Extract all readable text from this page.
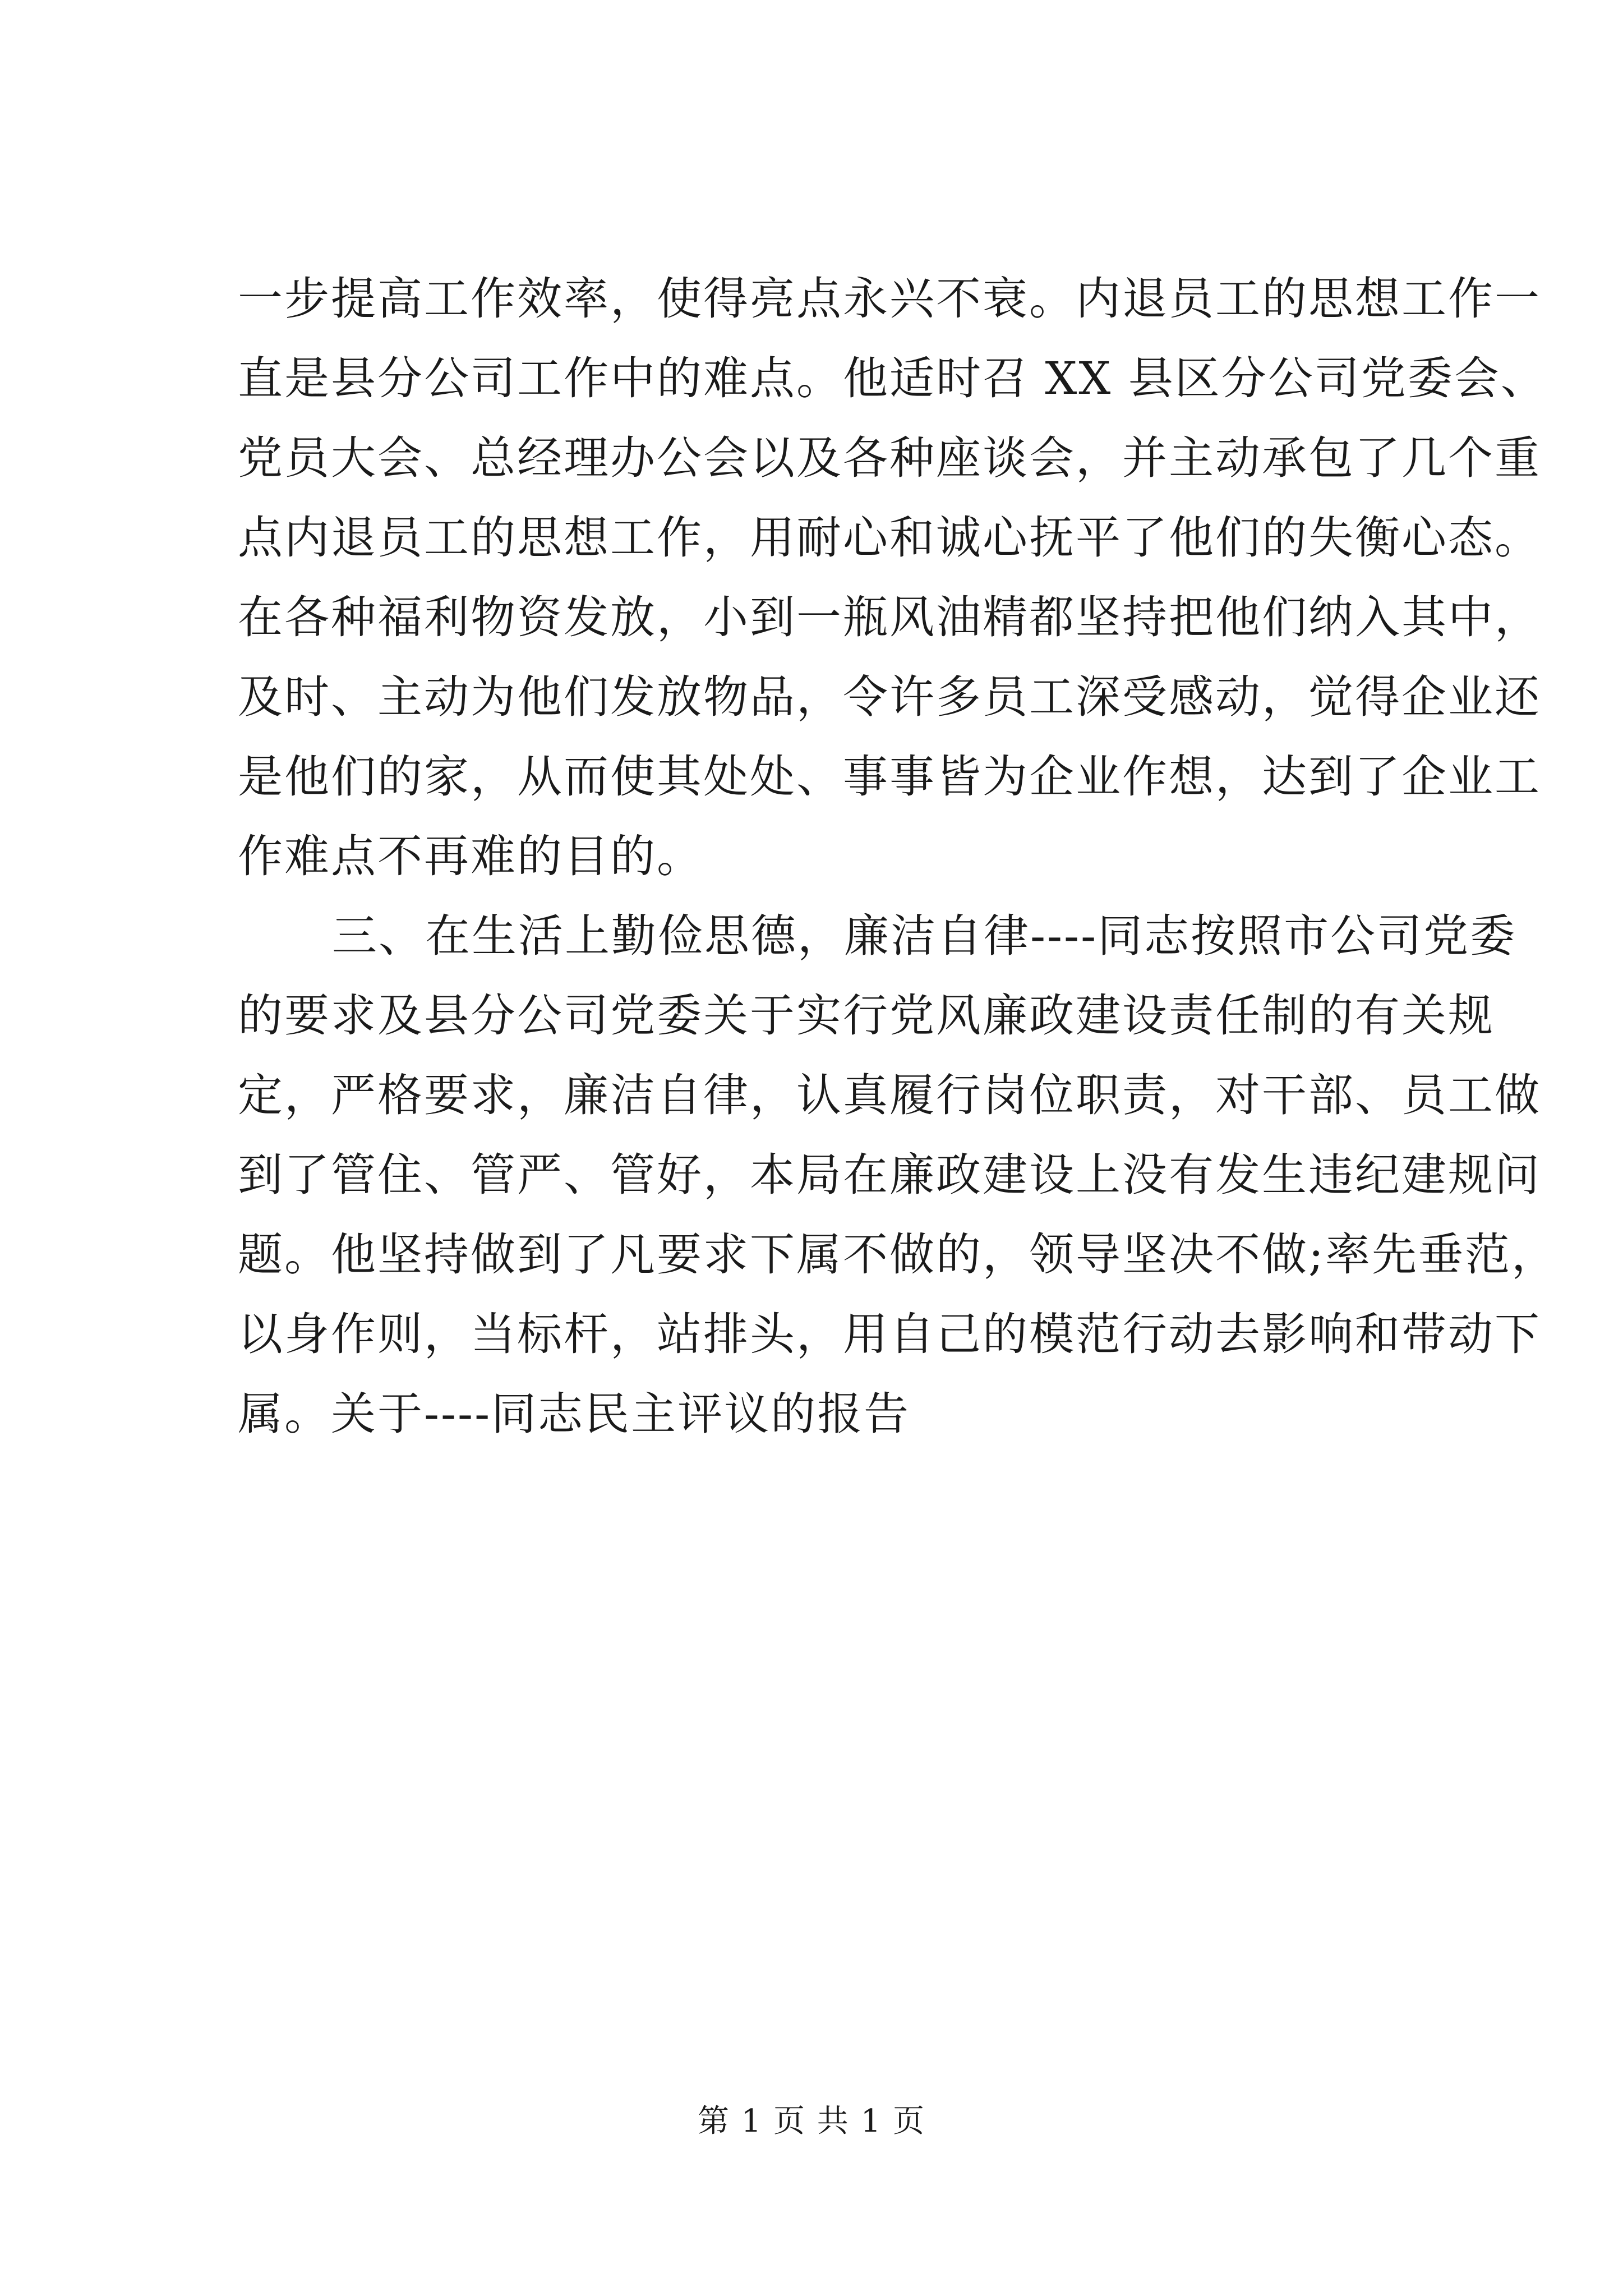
一步提高工作效率，使得亮点永兴不衰。内退员工的思想工作一
直是县分公司工作中的难点。他适时召 XX 县区分公司党委会、
党员大会、总经理办公会以及各种座谈会，并主动承包了几个重
点内退员工的思想工作，用耐心和诚心抚平了他们的失衡心态。
在各种福利物资发放，小到一瓶风油精都坚持把他们纳入其中，
及时、主动为他们发放物品，令许多员工深受感动，觉得企业还
是他们的家，从而使其处处、事事皆为企业作想，达到了企业工
作难点不再难的目的。
三、在生活上勤俭思德，廉洁自律----同志按照市公司党委
的要求及县分公司党委关于实行党风廉政建设责任制的有关规
定，严格要求，廉洁自律，认真履行岗位职责，对干部、员工做
到了管住、管严、管好，本局在廉政建设上没有发生违纪建规问
题。他坚持做到了凡要求下属不做的，领导坚决不做;率先垂范，
以身作则，当标杆，站排头，用自己的模范行动去影响和带动下
属。关于----同志民主评议的报告
第 1 页 共 1 页
